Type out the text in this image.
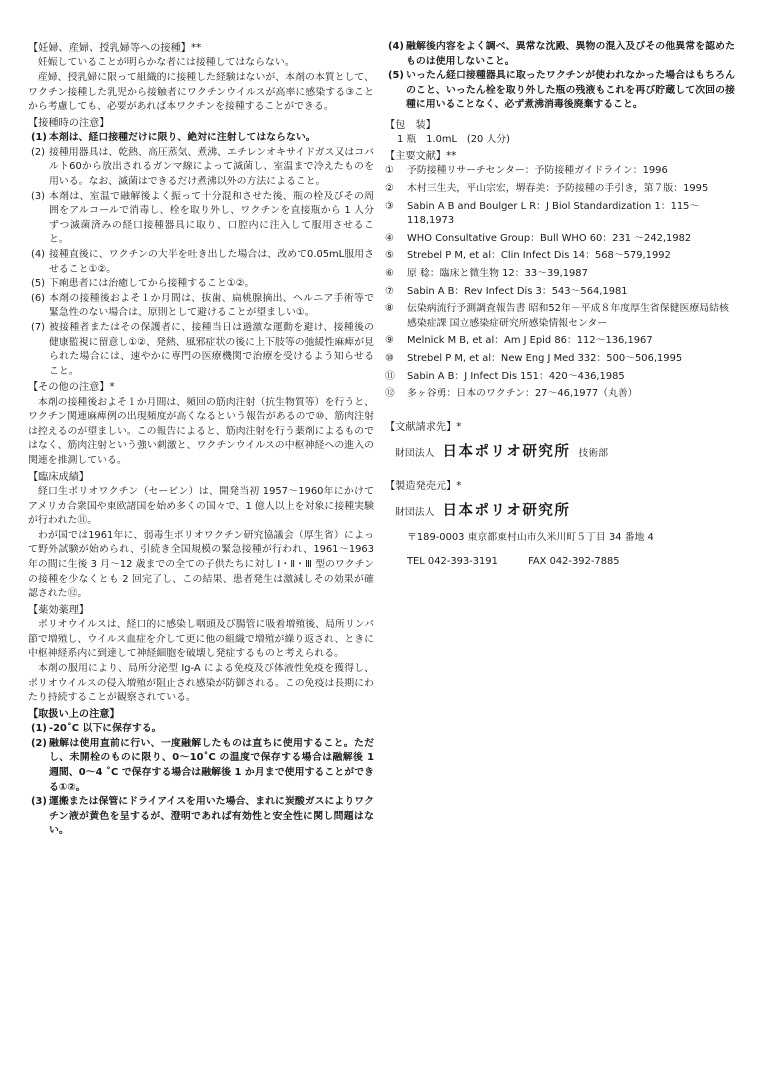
【妊婦、産婦、授乳婦等への接種】**

妊娠していることが明らかな者には接種してはならない。

産婦、授乳婦に限って組織的に接種した経験はないが、本剤の本質として、ワクチン接種した乳児から接触者にワクチンウイルスが高率に感染する③ことから考慮しても、必要があれば本ワクチンを接種することができる。

【接種時の注意】
(1) 本剤は、経口接種だけに限り、絶対に注射してはならない。
(2) 接種用器具は、乾熱、高圧蒸気、煮沸、エチレンオキサイドガス又はコバルト60から放出されるガンマ線によって滅菌し、室温まで冷えたものを用いる。なお、滅菌はできるだけ煮沸以外の方法によること。
(3) 本剤は、室温で融解後よく振って十分混和させた後、瓶の栓及びその周囲をアルコールで消毒し、栓を取り外し、ワクチンを直接瓶から 1 人分ずつ滅菌済みの経口接種器具に取り、口腔内に注入して服用させること。
(4) 接種直後に、ワクチンの大半を吐き出した場合は、改めて0.05mL服用させること①②。
(5) 下痢患者には治癒してから接種すること①②。
(6) 本剤の接種後およそ１か月間は、抜歯、扁桃腺摘出、ヘルニア手術等で緊急性のない場合は、原則として避けることが望ましい①。
(7) 被接種者またはその保護者に、接種当日は過激な運動を避け、接種後の健康監視に留意し①②、発熱、風邪症状の後に上下肢等の弛緩性麻痺が見られた場合には、速やかに専門の医療機関で治療を受けるよう知らせること。
【その他の注意】*

本剤の接種後およそ１か月間は、頻回の筋肉注射（抗生物質等）を行うと、ワクチン関連麻痺例の出現頻度が高くなるという報告があるので⑩、筋肉注射は控えるのが望ましい。この報告によると、筋肉注射を行う薬剤によるものではなく、筋肉注射という強い刺激と、ワクチンウイルスの中枢神経への進入の関連を推測している。

【臨床成績】

経口生ポリオワクチン（セービン）は、開発当初 1957～1960年にかけてアメリカ合衆国や東欧諸国を始め多くの国々で、1 億人以上を対象に接種実験が行われた⑪。

わが国では1961年に、弱毒生ポリオワクチン研究協議会（厚生省）によって野外試験が始められ、引続き全国規模の緊急接種が行われ、1961～1963 年の間に生後 3 月～12 歳までの全ての子供たちに対し Ⅰ・Ⅱ・Ⅲ 型のワクチンの接種を少なくとも 2 回完了し、この結果、患者発生は激減しその効果が確認された⑫。

【薬効薬理】

ポリオウイルスは、経口的に感染し咽頭及び腸管に吸着増殖後、局所リンパ節で増殖し、ウイルス血症を介して更に他の組織で増殖が繰り返され、ときに中枢神経系内に到達して神経細胞を破壊し発症するものと考えられる。

本剤の服用により、局所分泌型 Ig-A による免疫及び体液性免疫を獲得し、ポリオウイルスの侵入増殖が阻止され感染が防御される。この免疫は長期にわたり持続することが観察されている。

【取扱い上の注意】
(1) -20˚C 以下に保存する。
(2) 融解は使用直前に行い、一度融解したものは直ちに使用すること。ただし、未開栓のものに限り、0～10˚C の温度で保存する場合は融解後 1 週間、0～4 ˚C で保存する場合は融解後 1 か月まで使用することができる①②。
(3) 運搬または保管にドライアイスを用いた場合、まれに炭酸ガスによりワクチン液が黄色を呈するが、澄明であれば有効性と安全性に関し問題はない。
(4) 融解後内容をよく調べ、異常な沈殿、異物の混入及びその他異常を認めたものは使用しないこと。
(5) いったん経口接種器具に取ったワクチンが使われなかった場合はもちろんのこと、いったん栓を取り外した瓶の残液もこれを再び貯蔵して次回の接種に用いることなく、必ず煮沸消毒後廃棄すること。
【包　装】
1 瓶　1.0mL　(20 人分)
【主要文献】**
① 予防接種リサーチセンター：予防接種ガイドライン：1996
② 木村三生夫，平山宗宏，堺春美：予防接種の手引き，第７版：1995
③ Sabin A B and Boulger L R：J Biol Standardization 1：115～118,1973
④ WHO Consultative Group：Bull WHO 60：231 ～242,1982
⑤ Strebel P M, et al：Clin Infect Dis 14：568～579,1992
⑥ 原 稔：臨床と微生物 12：33～39,1987
⑦ Sabin A B：Rev Infect Dis 3：543～564,1981
⑧ 伝染病流行予測調査報告書 昭和52年－平成８年度厚生省保健医療局結核感染症課 国立感染症研究所感染情報センター
⑨ Melnick M B, et al：Am J Epid 86：112～136,1967
⑩ Strebel P M, et al：New Eng J Med 332：500～506,1995
⑪ Sabin A B：J Infect Dis 151：420～436,1985
⑫ 多ヶ谷勇：日本のワクチン：27～46,1977（丸善）
【文献請求先】*
財団法人 日本ポリオ研究所 技術部
【製造発売元】*
財団法人 日本ポリオ研究所
〒189-0003 東京都東村山市久米川町５丁目 34 番地 4
TEL 042-393-3191	FAX 042-392-7885
